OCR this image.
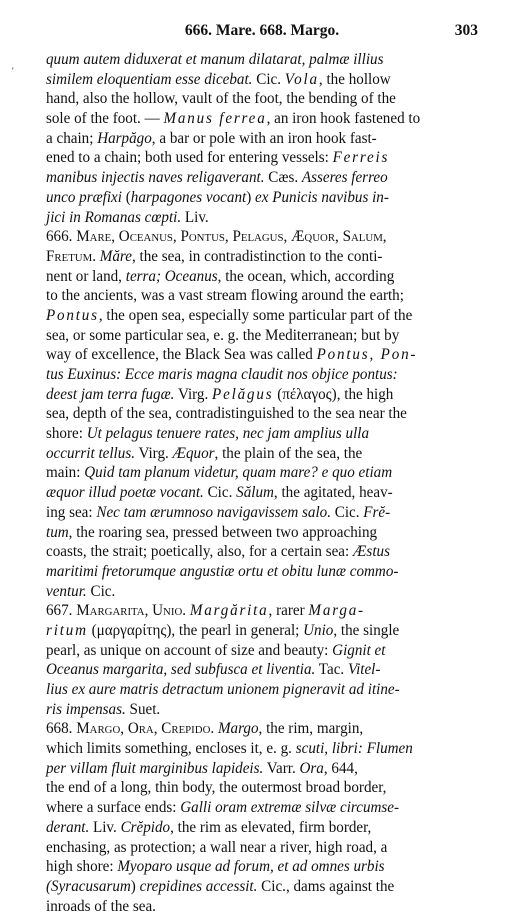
666. Mare. 668. Margo.	303
'
quum autem diduxerat et manum dilatarat, palmæ illius
similem eloquentiam esse dicebat. Cic. Vola, the hollow
hand, also the hollow, vault of the foot, the bending of the
sole of the foot. — Manus ferrea, an iron hook fastened to
a chain; Harpăgo, a bar or pole with an iron hook fast-
ened to a chain; both used for entering vessels: Ferreis
manibus injectis naves religaverant. Cæs. Asseres ferreo
unco præfixi (harpagones vocant) ex Punicis navibus in-
jici in Romanas cœpti. Liv.
666. Mare, Oceanus, Pontus, Pelagus, Æquor, Salum,
Fretum. Măre, the sea, in contradistinction to the conti-
nent or land, terra; Oceanus, the ocean, which, according
to the ancients, was a vast stream flowing around the earth;
Pontus, the open sea, especially some particular part of the
sea, or some particular sea, e. g. the Mediterranean; but by
way of excellence, the Black Sea was called Pontus, Pon-
tus Euxinus: Ecce maris magna claudit nos objice pontus:
deest jam terra fugæ. Virg. Pelăgus (πέλαγος), the high
sea, depth of the sea, contradistinguished to the sea near the
shore: Ut pelagus tenuere rates, nec jam amplius ulla
occurrit tellus. Virg. Æquor, the plain of the sea, the
main: Quid tam planum videtur, quam mare? e quo etiam
æquor illud poetæ vocant. Cic. Sălum, the agitated, heav-
ing sea: Nec tam ærumnoso navigavissem salo. Cic. Frĕ-
tum, the roaring sea, pressed between two approaching
coasts, the strait; poetically, also, for a certain sea: Æstus
maritimi fretorumque angustiæ ortu et obitu lunæ commo-
ventur. Cic.
667. Margarita, Unio. Margărita, rarer Marga-
ritum (μαργαρίτης), the pearl in general; Unio, the single
pearl, as unique on account of size and beauty: Gignit et
Oceanus margarita, sed subfusca et liventia. Tac. Vitel-
lius ex aure matris detractum unionem pigneravit ad itine-
ris impensas. Suet.
668. Margo, Ora, Crepido. Margo, the rim, margin,
which limits something, encloses it, e. g. scuti, libri: Flumen
per villam fluit marginibus lapideis. Varr. Ora, 644,
the end of a long, thin body, the outermost broad border,
where a surface ends: Galli oram extremæ silvæ circumse-
derant. Liv. Crĕpido, the rim as elevated, firm border,
enchasing, as protection; a wall near a river, high road, a
high shore: Myoparo usque ad forum, et ad omnes urbis
(Syracusarum) crepidines accessit. Cic., dams against the
inroads of the sea.
